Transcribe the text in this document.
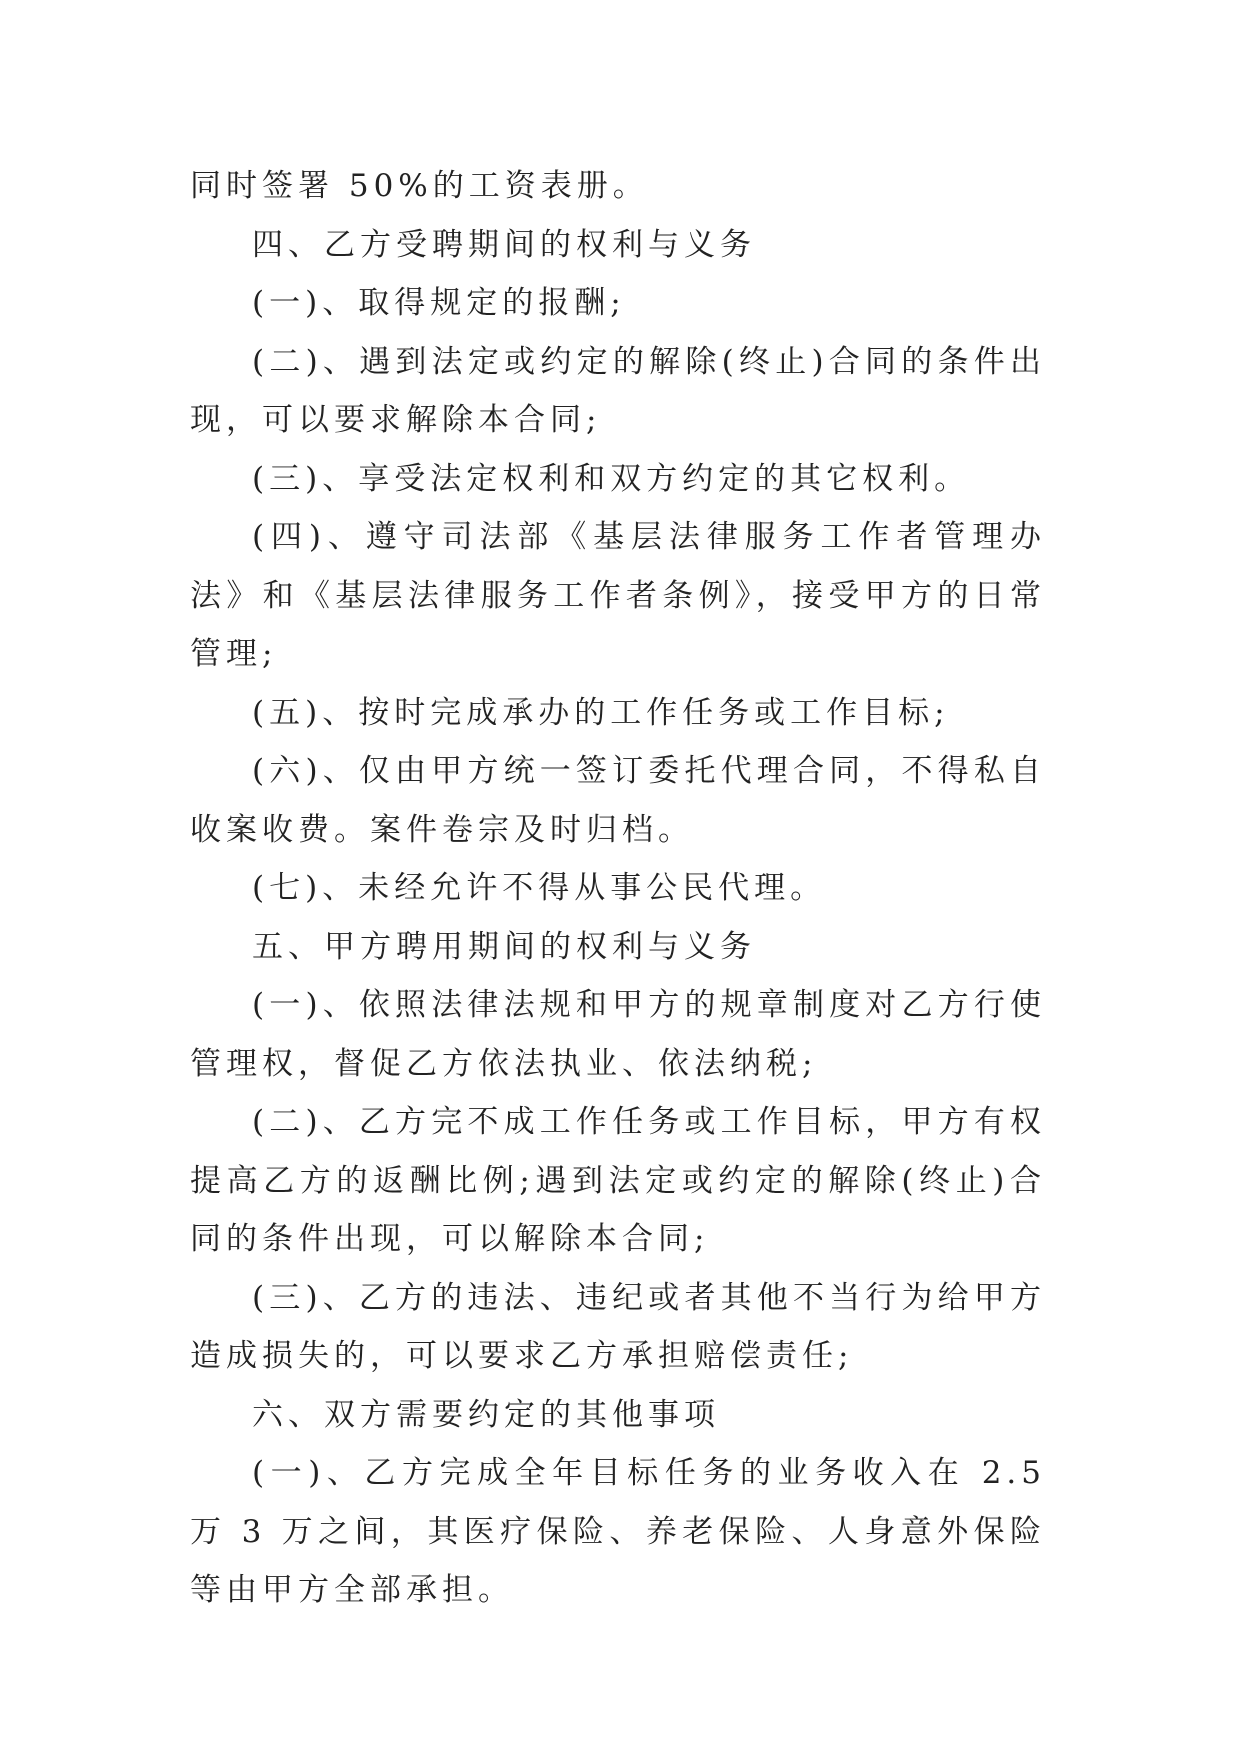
同时签署 50%的工资表册。

四、乙方受聘期间的权利与义务

(一)、取得规定的报酬;

(二)、遇到法定或约定的解除(终止)合同的条件出现，可以要求解除本合同;

(三)、享受法定权利和双方约定的其它权利。

(四)、遵守司法部《基层法律服务工作者管理办法》和《基层法律服务工作者条例》，接受甲方的日常管理;

(五)、按时完成承办的工作任务或工作目标;

(六)、仅由甲方统一签订委托代理合同，不得私自收案收费。案件卷宗及时归档。

(七)、未经允许不得从事公民代理。

五、甲方聘用期间的权利与义务

(一)、依照法律法规和甲方的规章制度对乙方行使管理权，督促乙方依法执业、依法纳税;

(二)、乙方完不成工作任务或工作目标，甲方有权提高乙方的返酬比例;遇到法定或约定的解除(终止)合同的条件出现，可以解除本合同;

(三)、乙方的违法、违纪或者其他不当行为给甲方造成损失的，可以要求乙方承担赔偿责任;

六、双方需要约定的其他事项

(一)、乙方完成全年目标任务的业务收入在 2.5 万 3 万之间，其医疗保险、养老保险、人身意外保险等由甲方全部承担。
